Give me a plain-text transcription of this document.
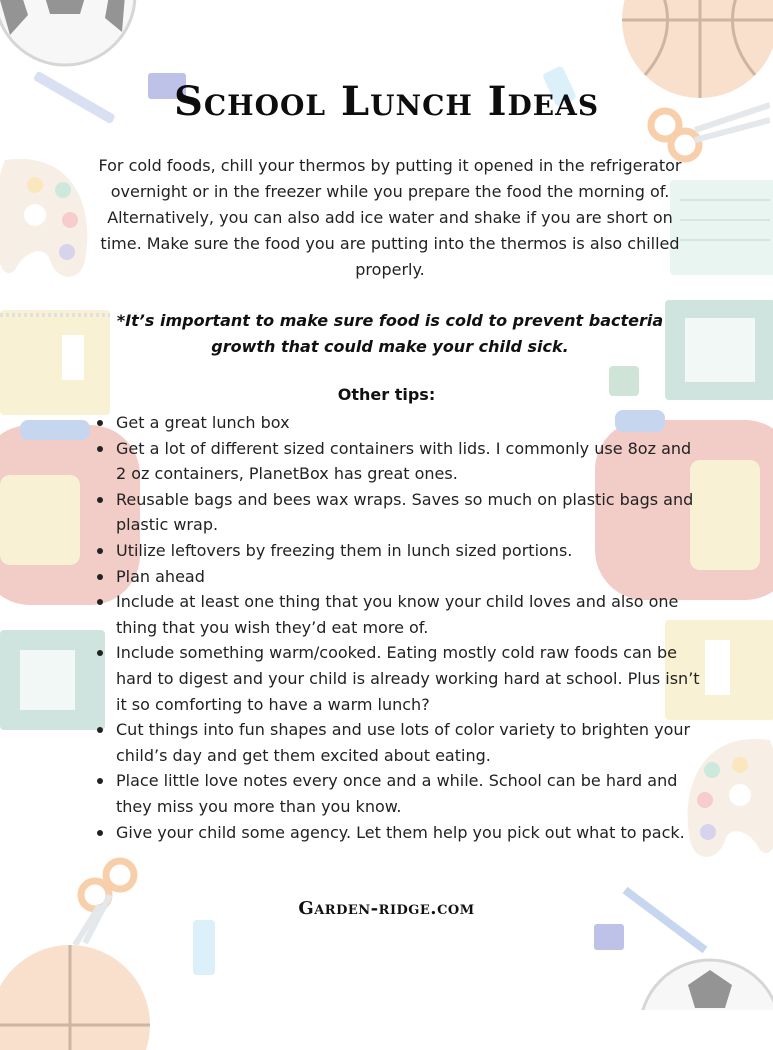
School Lunch Ideas

For cold foods, chill your thermos by putting it opened in the refrigerator overnight or in the freezer while you prepare the food the morning of. Alternatively, you can also add ice water and shake if you are short on time. Make sure the food you are putting into the thermos is also chilled properly.

*It’s important to make sure food is cold to prevent bacteria growth that could make your child sick.

Other tips:
Get a great lunch box
Get a lot of different sized containers with lids. I commonly use 8oz and 2 oz containers, PlanetBox has great ones.
Reusable bags and bees wax wraps. Saves so much on plastic bags and plastic wrap.
Utilize leftovers by freezing them in lunch sized portions.
Plan ahead
Include at least one thing that you know your child loves and also one thing that you wish they’d eat more of.
Include something warm/cooked. Eating mostly cold raw foods can be hard to digest and your child is already working hard at school. Plus isn’t it so comforting to have a warm lunch?
Cut things into fun shapes and use lots of color variety to brighten your child’s day and get them excited about eating.
Place little love notes every once and a while. School can be hard and they miss you more than you know.
Give your child some agency. Let them help you pick out what to pack.
Garden-ridge.com
